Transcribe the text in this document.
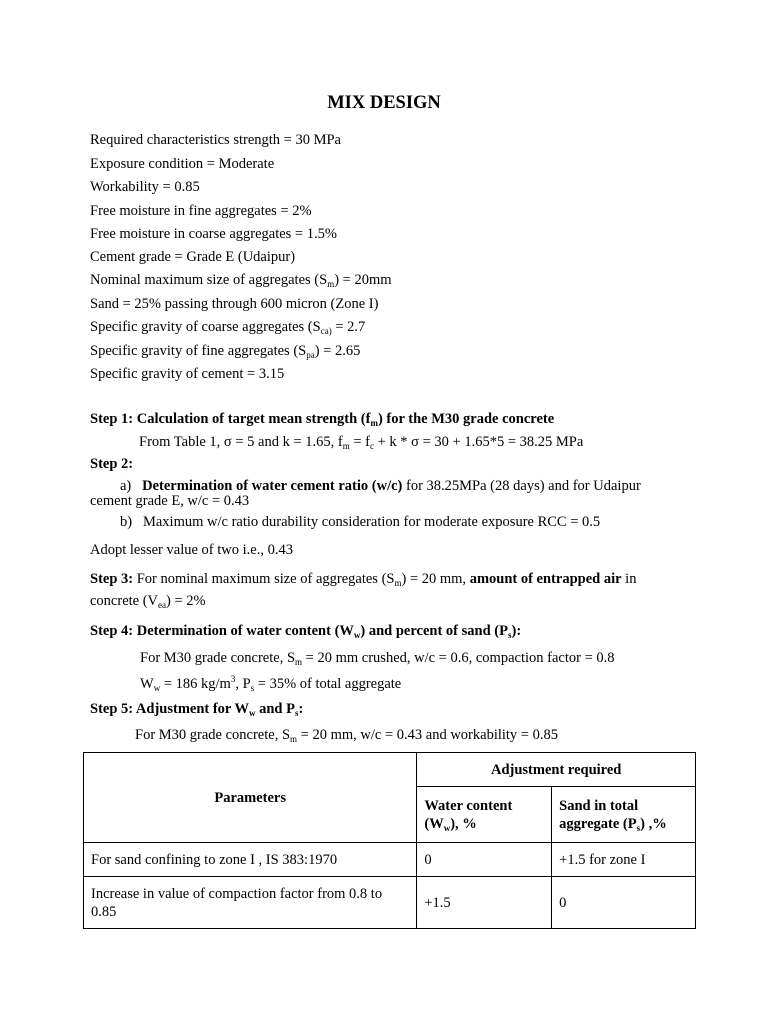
MIX DESIGN
Required characteristics strength = 30 MPa
Exposure condition = Moderate
Workability = 0.85
Free moisture in fine aggregates = 2%
Free moisture in coarse aggregates = 1.5%
Cement grade = Grade E (Udaipur)
Nominal maximum size of aggregates $(S_m) = 20mm$
Sand = 25% passing through 600 micron (Zone I)
Specific gravity of coarse aggregates ($S_{ca)} = 2.7$
Specific gravity of fine aggregates $(S_{pa}) = 2.65$
Specific gravity of cement = 3.15
Step 1: Calculation of target mean strength $(f_m)$ for the M30 grade concrete
From Table 1, σ = 5 and k = 1.65, $f_m = f_c + k * \sigma = 30 + 1.65*5 = 38.25$ MPa
Step 2:
a) Determination of water cement ratio (w/c) for 38.25MPa (28 days) and for Udaipur
cement grade E, w/c = 0.43
b) Maximum w/c ratio durability consideration for moderate exposure RCC = 0.5
Adopt lesser value of two i.e., 0.43
Step 3: For nominal maximum size of aggregates $(S_m) = 20$ mm, amount of entrapped air in
concrete $(V_{ea}) = 2\%$
Step 4: Determination of water content $(W_w)$ and percent of sand $(P_s)$:
For M30 grade concrete, $S_m = 20$ mm crushed, w/c = 0.6, compaction factor = 0.8
$W_w = 186$ $kg/m^3$, $P_s = 35\%$ of total aggregate
Step 5: Adjustment for $W_w$ and $P_s$:
For M30 grade concrete, $S_m = 20$ mm, w/c = 0.43 and workability = 0.85
Parameters	Adjustment required	
	Water content $(W_w)$, %	Sand in total aggregate $(P_s)$ ,%
For sand confining to zone I , IS 383:1970	0	+1.5 for zone I
Increase in value of compaction factor from 0.8 to 0.85	+1.5	0
